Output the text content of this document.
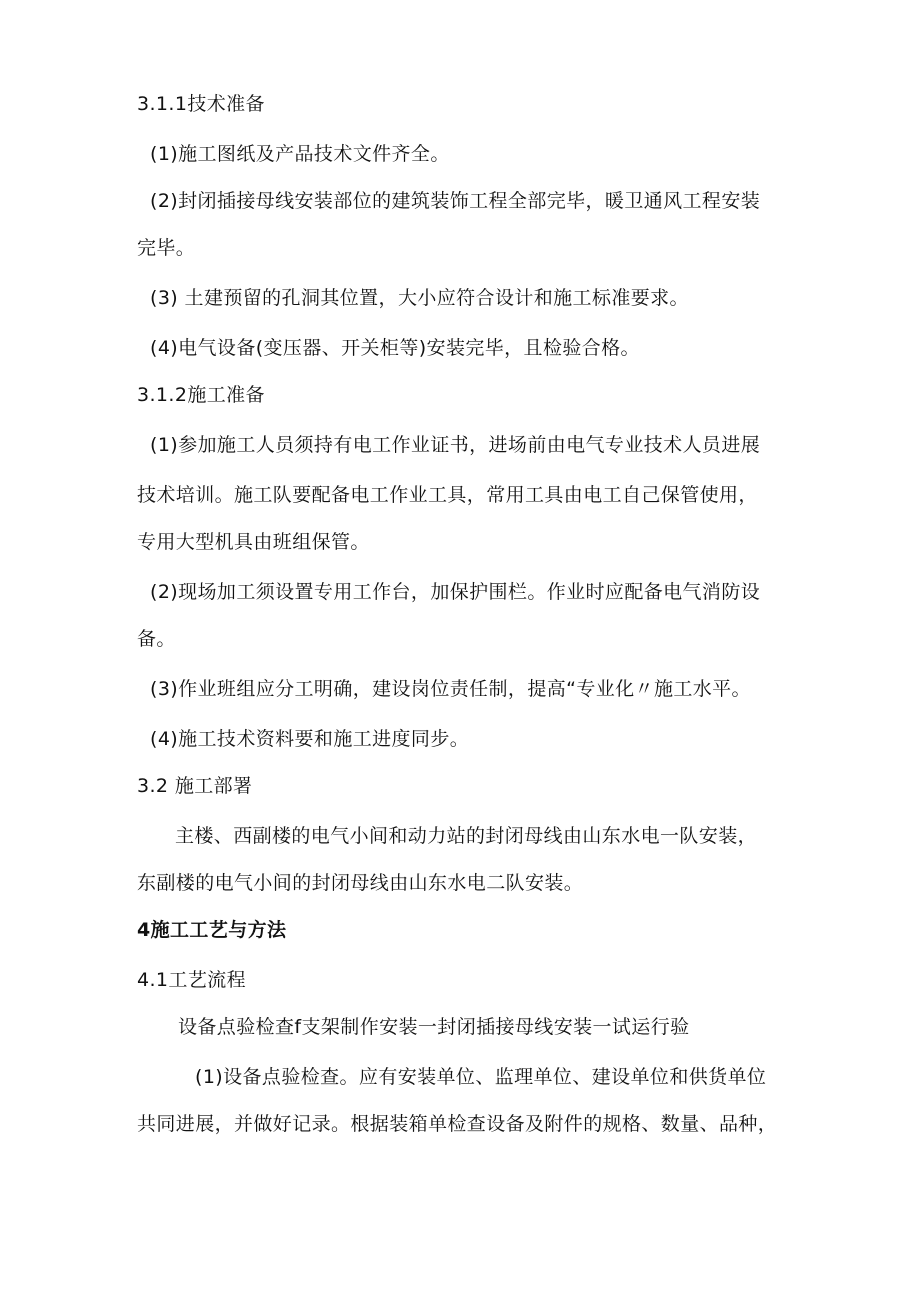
3.1.1技术准备
(1)施工图纸及产品技术文件齐全。
(2)封闭插接母线安装部位的建筑装饰工程全部完毕，暖卫通风工程安装
完毕。
(3) 土建预留的孔洞其位置，大小应符合设计和施工标准要求。
(4)电气设备(变压器、开关柜等)安装完毕，且检验合格。
3.1.2施工准备
(1)参加施工人员须持有电工作业证书，进场前由电气专业技术人员进展
技术培训。施工队要配备电工作业工具，常用工具由电工自己保管使用，
专用大型机具由班组保管。
(2)现场加工须设置专用工作台，加保护围栏。作业时应配备电气消防设
备。
(3)作业班组应分工明确，建设岗位责任制，提高“专业化〃施工水平。
(4)施工技术资料要和施工进度同步。
3.2 施工部署
主楼、西副楼的电气小间和动力站的封闭母线由山东水电一队安装，
东副楼的电气小间的封闭母线由山东水电二队安装。
4施工工艺与方法
4.1工艺流程
设备点验检查f支架制作安装一封闭插接母线安装一试运行验
(1)设备点验检查。应有安装单位、监理单位、建设单位和供货单位
共同进展，并做好记录。根据装箱单检查设备及附件的规格、数量、品种，
